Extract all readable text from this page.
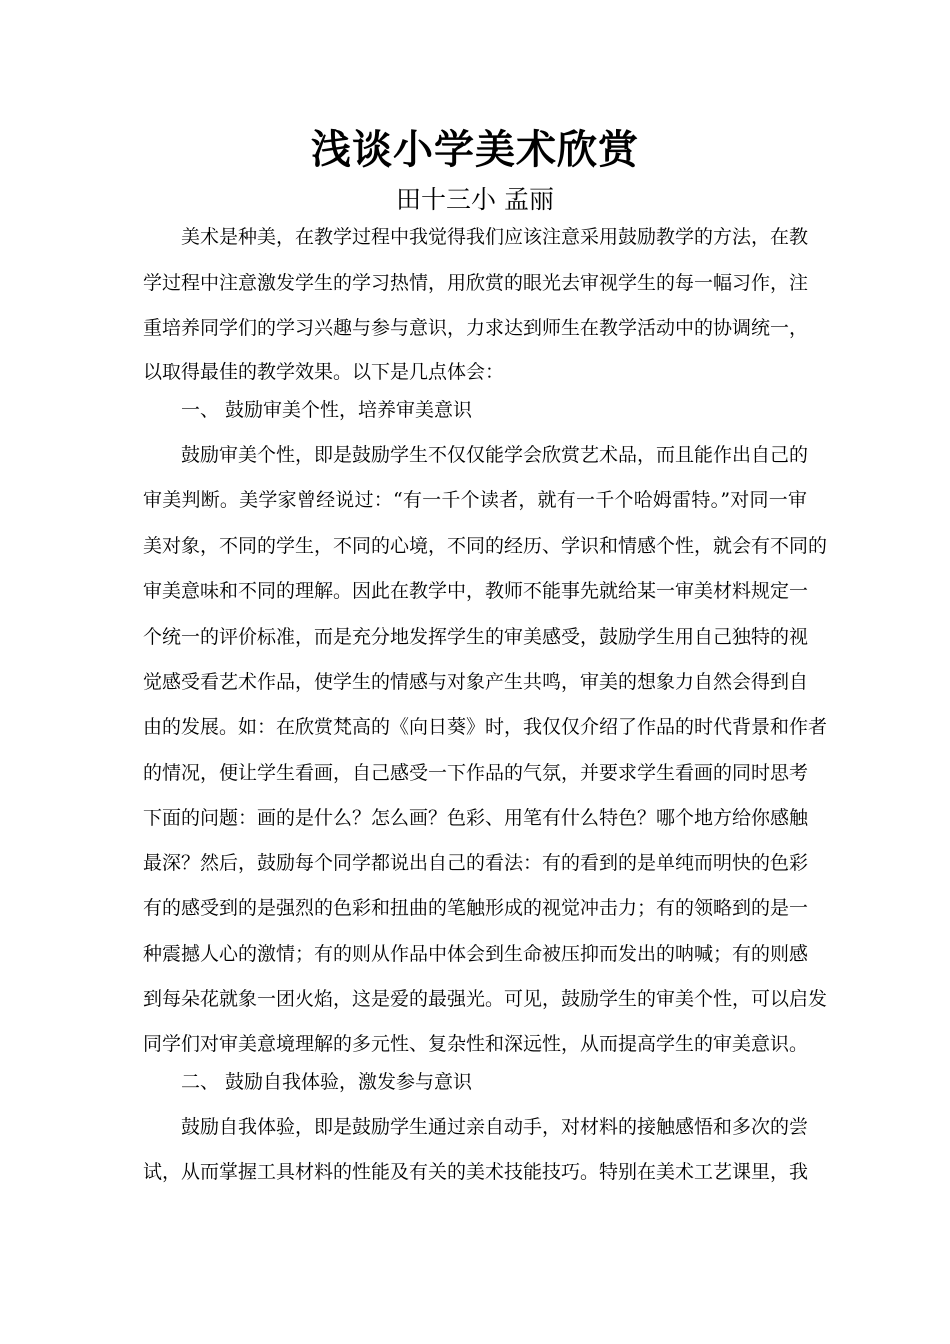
浅谈小学美术欣赏
田十三小 孟丽
美术是种美，在教学过程中我觉得我们应该注意采用鼓励教学的方法，在教
学过程中注意激发学生的学习热情，用欣赏的眼光去审视学生的每一幅习作，注
重培养同学们的学习兴趣与参与意识，力求达到师生在教学活动中的协调统一，
以取得最佳的教学效果。以下是几点体会：
一、 鼓励审美个性，培养审美意识
鼓励审美个性，即是鼓励学生不仅仅能学会欣赏艺术品，而且能作出自己的
审美判断。美学家曾经说过：“有一千个读者，就有一千个哈姆雷特。”对同一审
美对象，不同的学生，不同的心境，不同的经历、学识和情感个性，就会有不同的
审美意味和不同的理解。因此在教学中，教师不能事先就给某一审美材料规定一
个统一的评价标准，而是充分地发挥学生的审美感受，鼓励学生用自己独特的视
觉感受看艺术作品，使学生的情感与对象产生共鸣，审美的想象力自然会得到自
由的发展。如：在欣赏梵高的《向日葵》时，我仅仅介绍了作品的时代背景和作者
的情况，便让学生看画，自己感受一下作品的气氛，并要求学生看画的同时思考
下面的问题：画的是什么？怎么画？色彩、用笔有什么特色？哪个地方给你感触
最深？然后，鼓励每个同学都说出自己的看法：有的看到的是单纯而明快的色彩
有的感受到的是强烈的色彩和扭曲的笔触形成的视觉冲击力；有的领略到的是一
种震撼人心的激情；有的则从作品中体会到生命被压抑而发出的呐喊；有的则感
到每朵花就象一团火焰，这是爱的最强光。可见，鼓励学生的审美个性，可以启发
同学们对审美意境理解的多元性、复杂性和深远性，从而提高学生的审美意识。
二、 鼓励自我体验，激发参与意识
鼓励自我体验，即是鼓励学生通过亲自动手，对材料的接触感悟和多次的尝
试，从而掌握工具材料的性能及有关的美术技能技巧。特别在美术工艺课里，我
